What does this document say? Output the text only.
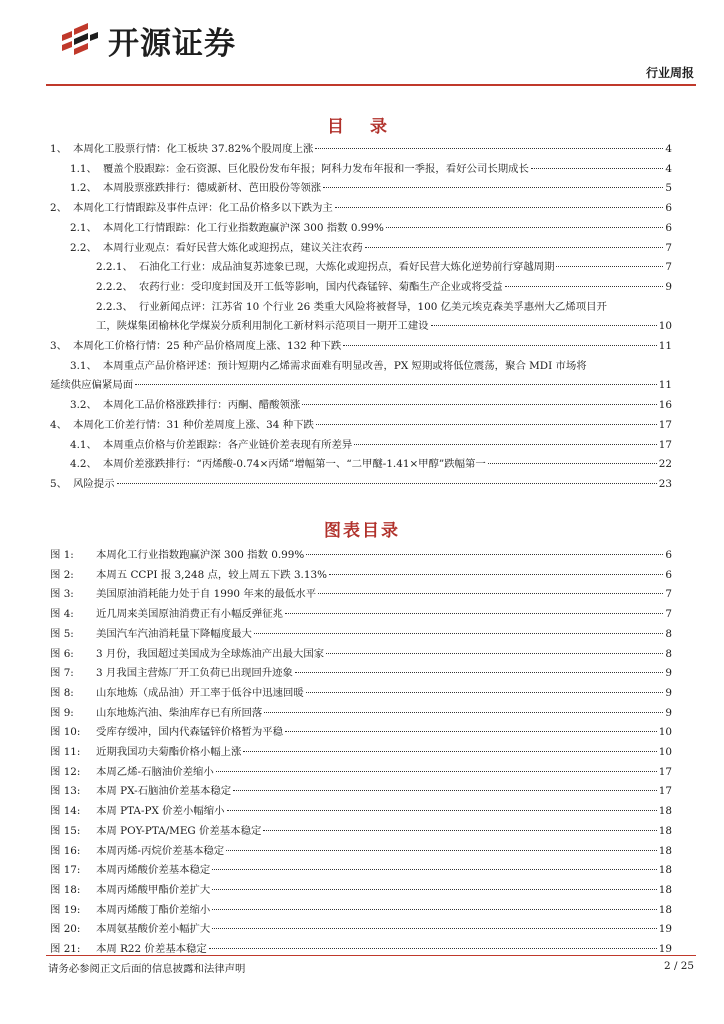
开源证券
行业周报
目 录
1、 本周化工股票行情：化工板块 37.82%个股周度上涨	4
1.1、 覆盖个股跟踪：金石资源、巨化股份发布年报；阿科力发布年报和一季报，看好公司长期成长	4
1.2、 本周股票涨跌排行：德威新材、芭田股份等领涨	5
2、 本周化工行情跟踪及事件点评：化工品价格多以下跌为主	6
2.1、 本周化工行情跟踪：化工行业指数跑赢沪深 300 指数 0.99%	6
2.2、 本周行业观点：看好民营大炼化或迎拐点，建议关注农药	7
2.2.1、 石油化工行业：成品油复苏迹象已现，大炼化或迎拐点，看好民营大炼化逆势前行穿越周期	7
2.2.2、 农药行业：受印度封国及开工低等影响，国内代森锰锌、菊酯生产企业或将受益	9
2.2.3、 行业新闻点评：江苏省 10 个行业 26 类重大风险将被督导，100 亿美元埃克森美孚惠州大乙烯项目开
工，陕煤集团榆林化学煤炭分质利用制化工新材料示范项目一期开工建设	10
3、 本周化工价格行情：25 种产品价格周度上涨、132 种下跌	11
3.1、 本周重点产品价格评述：预计短期内乙烯需求面难有明显改善，PX 短期或将低位震荡，聚合 MDI 市场将
延续供应偏紧局面	11
3.2、 本周化工品价格涨跌排行：丙酮、醋酸领涨	16
4、 本周化工价差行情：31 种价差周度上涨、34 种下跌	17
4.1、 本周重点价格与价差跟踪：各产业链价差表现有所差异	17
4.2、 本周价差涨跌排行：“丙烯酸-0.74×丙烯”增幅第一、“二甲醚-1.41×甲醇”跌幅第一	22
5、 风险提示	23
图表目录
图 1:	本周化工行业指数跑赢沪深 300 指数 0.99%	6
图 2:	本周五 CCPI 报 3,248 点，较上周五下跌 3.13%	6
图 3:	美国原油消耗能力处于自 1990 年来的最低水平	7
图 4:	近几周来美国原油消费正有小幅反弹征兆	7
图 5:	美国汽车汽油消耗量下降幅度最大	8
图 6:	3 月份，我国超过美国成为全球炼油产出最大国家	8
图 7:	3 月我国主营炼厂开工负荷已出现回升迹象	9
图 8:	山东地炼（成品油）开工率于低谷中迅速回暖	9
图 9:	山东地炼汽油、柴油库存已有所回落	9
图 10:	受库存缓冲，国内代森锰锌价格暂为平稳	10
图 11:	近期我国功夫菊酯价格小幅上涨	10
图 12:	本周乙烯-石脑油价差缩小	17
图 13:	本周 PX-石脑油价差基本稳定	17
图 14:	本周 PTA-PX 价差小幅缩小	18
图 15:	本周 POY-PTA/MEG 价差基本稳定	18
图 16:	本周丙烯-丙烷价差基本稳定	18
图 17:	本周丙烯酸价差基本稳定	18
图 18:	本周丙烯酸甲酯价差扩大	18
图 19:	本周丙烯酸丁酯价差缩小	18
图 20:	本周氨基酸价差小幅扩大	19
图 21:	本周 R22 价差基本稳定	19
请务必参阅正文后面的信息披露和法律声明	2 / 25
